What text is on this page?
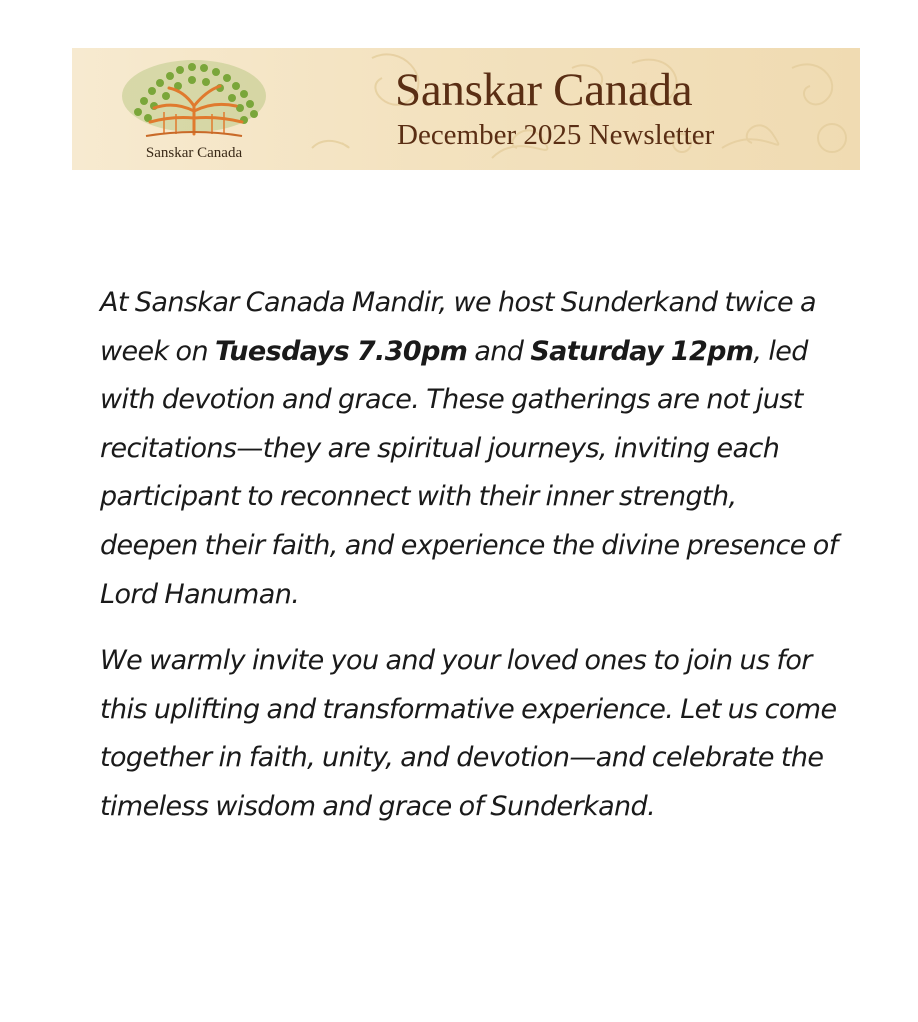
Sanskar Canada
Sanskar Canada
December 2025 Newsletter

At Sanskar Canada Mandir, we host Sunderkand twice a week on Tuesdays 7.30pm and Saturday 12pm, led with devotion and grace. These gatherings are not just recitations—they are spiritual journeys, inviting each participant to reconnect with their inner strength, deepen their faith, and experience the divine presence of Lord Hanuman.

We warmly invite you and your loved ones to join us for this uplifting and transformative experience. Let us come together in faith, unity, and devotion—and celebrate the timeless wisdom and grace of Sunderkand.
